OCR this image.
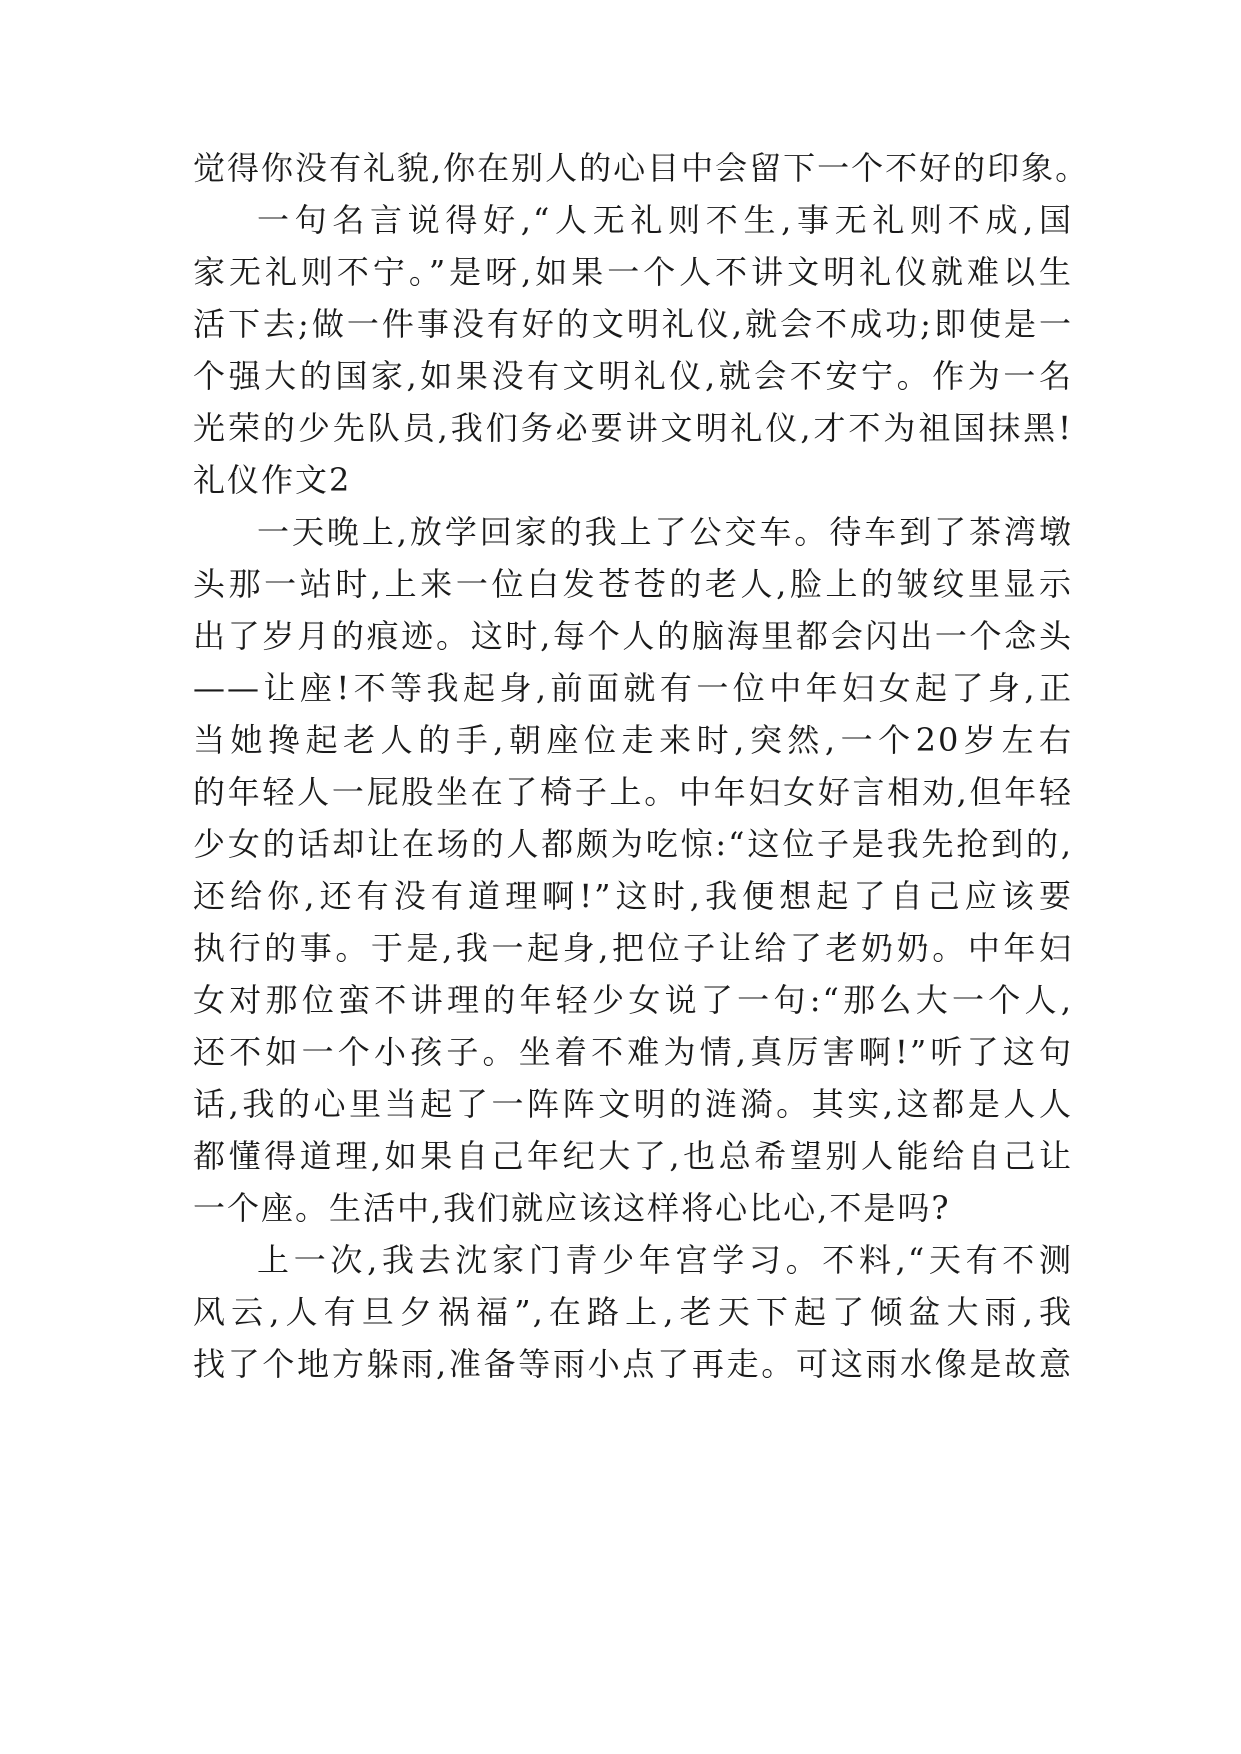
觉得你没有礼貌,你在别人的心目中会留下一个不好的印象。
一句名言说得好,“人无礼则不生,事无礼则不成,国
家无礼则不宁。”是呀,如果一个人不讲文明礼仪就难以生
活下去;做一件事没有好的文明礼仪,就会不成功;即使是一
个强大的国家,如果没有文明礼仪,就会不安宁。作为一名
光荣的少先队员,我们务必要讲文明礼仪,才不为祖国抹黑!
礼仪作文2
一天晚上,放学回家的我上了公交车。待车到了茶湾墩
头那一站时,上来一位白发苍苍的老人,脸上的皱纹里显示
出了岁月的痕迹。这时,每个人的脑海里都会闪出一个念头
——让座!不等我起身,前面就有一位中年妇女起了身,正
当她搀起老人的手,朝座位走来时,突然,一个20岁左右
的年轻人一屁股坐在了椅子上。中年妇女好言相劝,但年轻
少女的话却让在场的人都颇为吃惊:“这位子是我先抢到的,
还给你,还有没有道理啊!”这时,我便想起了自己应该要
执行的事。于是,我一起身,把位子让给了老奶奶。中年妇
女对那位蛮不讲理的年轻少女说了一句:“那么大一个人,
还不如一个小孩子。坐着不难为情,真厉害啊!”听了这句
话,我的心里当起了一阵阵文明的涟漪。其实,这都是人人
都懂得道理,如果自己年纪大了,也总希望别人能给自己让
一个座。生活中,我们就应该这样将心比心,不是吗?
上一次,我去沈家门青少年宫学习。不料,“天有不测
风云,人有旦夕祸福”,在路上,老天下起了倾盆大雨,我
找了个地方躲雨,准备等雨小点了再走。可这雨水像是故意
